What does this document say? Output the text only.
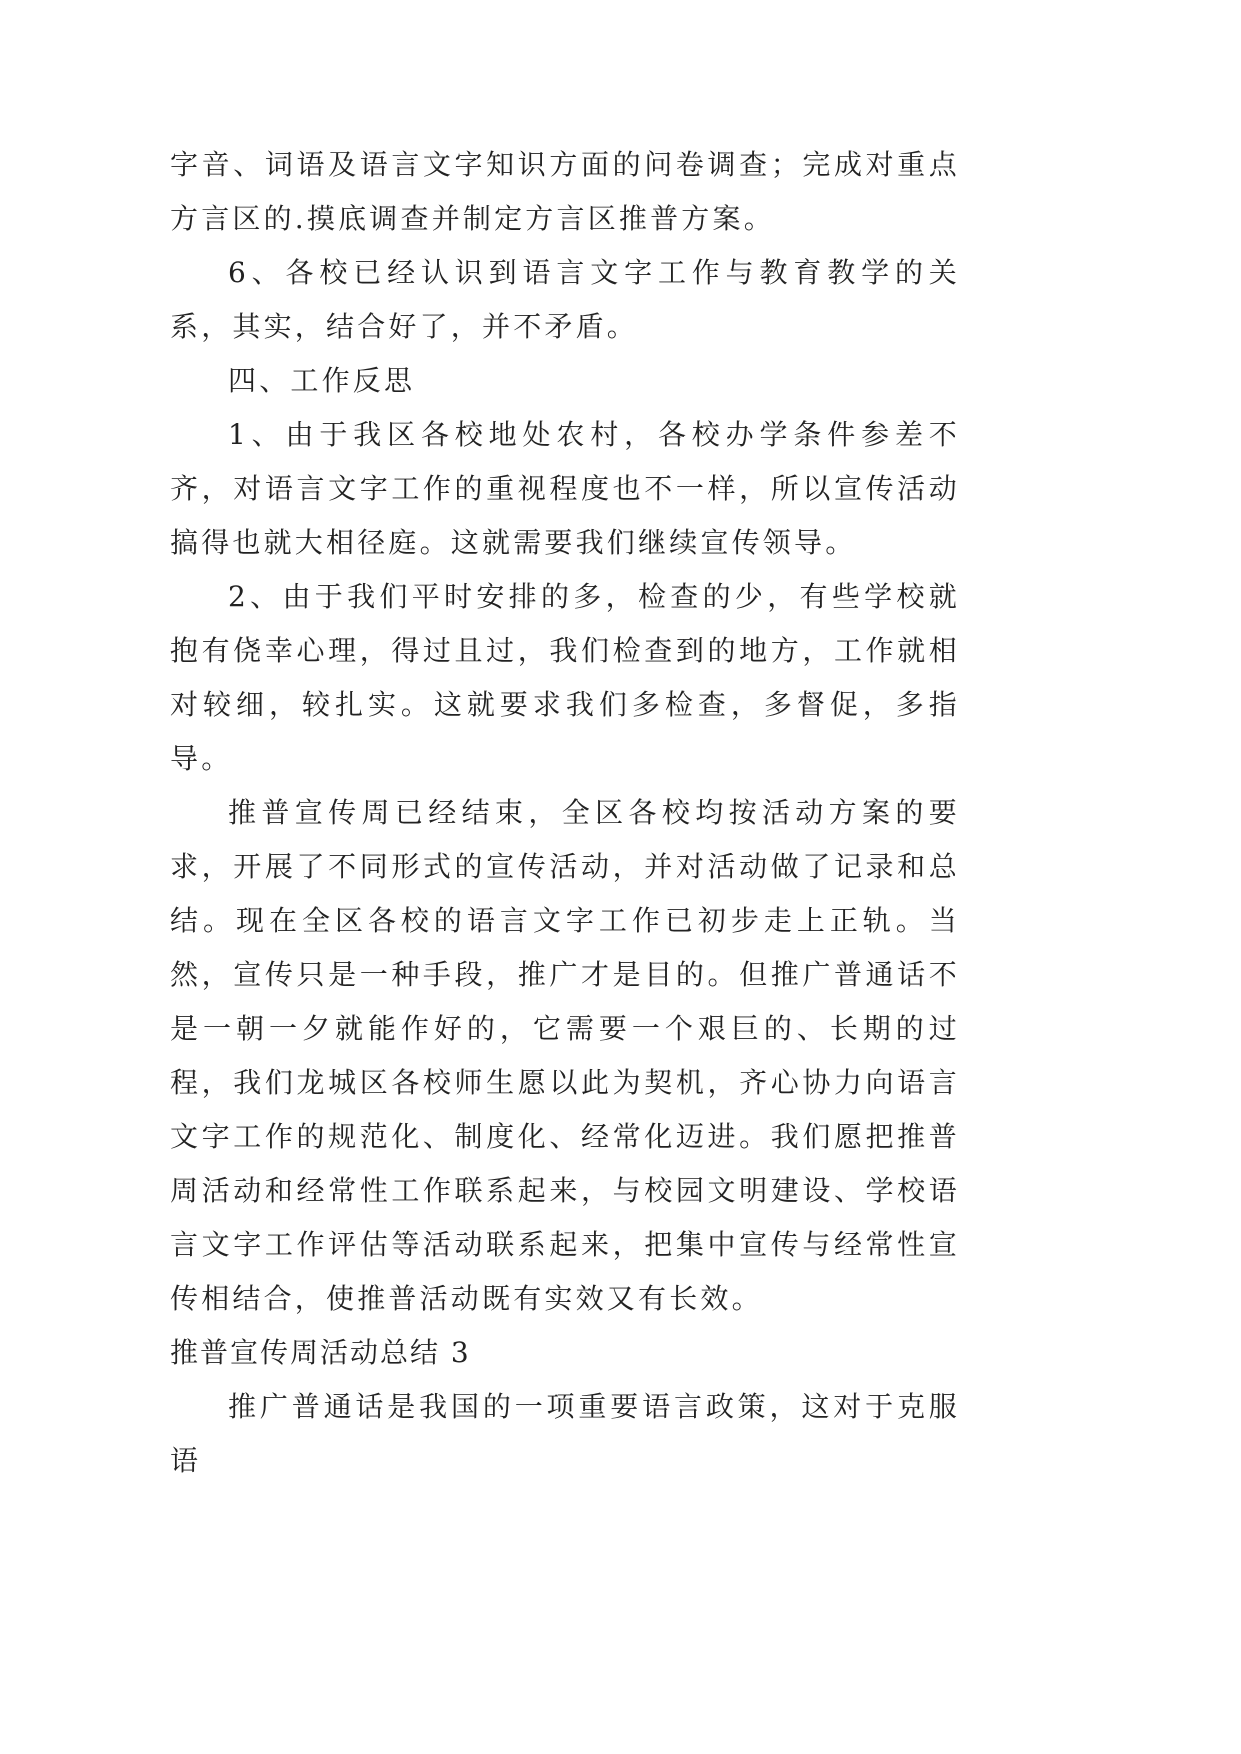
字音、词语及语言文字知识方面的问卷调查；完成对重点方言区的.摸底调查并制定方言区推普方案。

6、各校已经认识到语言文字工作与教育教学的关系，其实，结合好了，并不矛盾。

四、工作反思

1、由于我区各校地处农村，各校办学条件参差不齐，对语言文字工作的重视程度也不一样，所以宣传活动搞得也就大相径庭。这就需要我们继续宣传领导。

2、由于我们平时安排的多，检查的少，有些学校就抱有侥幸心理，得过且过，我们检查到的地方，工作就相对较细，较扎实。这就要求我们多检查，多督促，多指导。

推普宣传周已经结束，全区各校均按活动方案的要求，开展了不同形式的宣传活动，并对活动做了记录和总结。现在全区各校的语言文字工作已初步走上正轨。当然，宣传只是一种手段，推广才是目的。但推广普通话不是一朝一夕就能作好的，它需要一个艰巨的、长期的过程，我们龙城区各校师生愿以此为契机，齐心协力向语言文字工作的规范化、制度化、经常化迈进。我们愿把推普周活动和经常性工作联系起来，与校园文明建设、学校语言文字工作评估等活动联系起来，把集中宣传与经常性宣传相结合，使推普活动既有实效又有长效。

推普宣传周活动总结 3

推广普通话是我国的一项重要语言政策，这对于克服语
